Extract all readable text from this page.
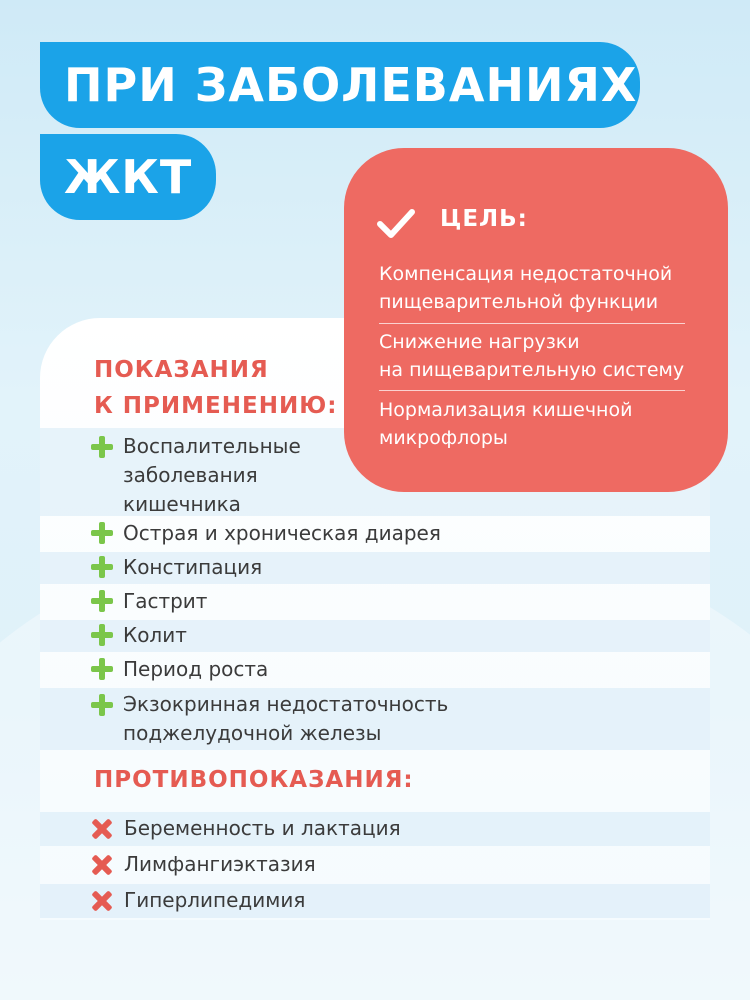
ПРИ ЗАБОЛЕВАНИЯХ
ЖКТ
ПОКАЗАНИЯ
К ПРИМЕНЕНИЮ:
Воспалительные
заболевания
кишечника
Острая и хроническая диарея
Констипация
Гастрит
Колит
Период роста
Экзокринная недостаточность
поджелудочной железы
ПРОТИВОПОКАЗАНИЯ:
Беременность и лактация
Лимфангиэктазия
Гиперлипедимия
ЦЕЛЬ:
Компенсация недостаточной
пищеварительной функции
Снижение нагрузки
на пищеварительную систему
Нормализация кишечной
микрофлоры
